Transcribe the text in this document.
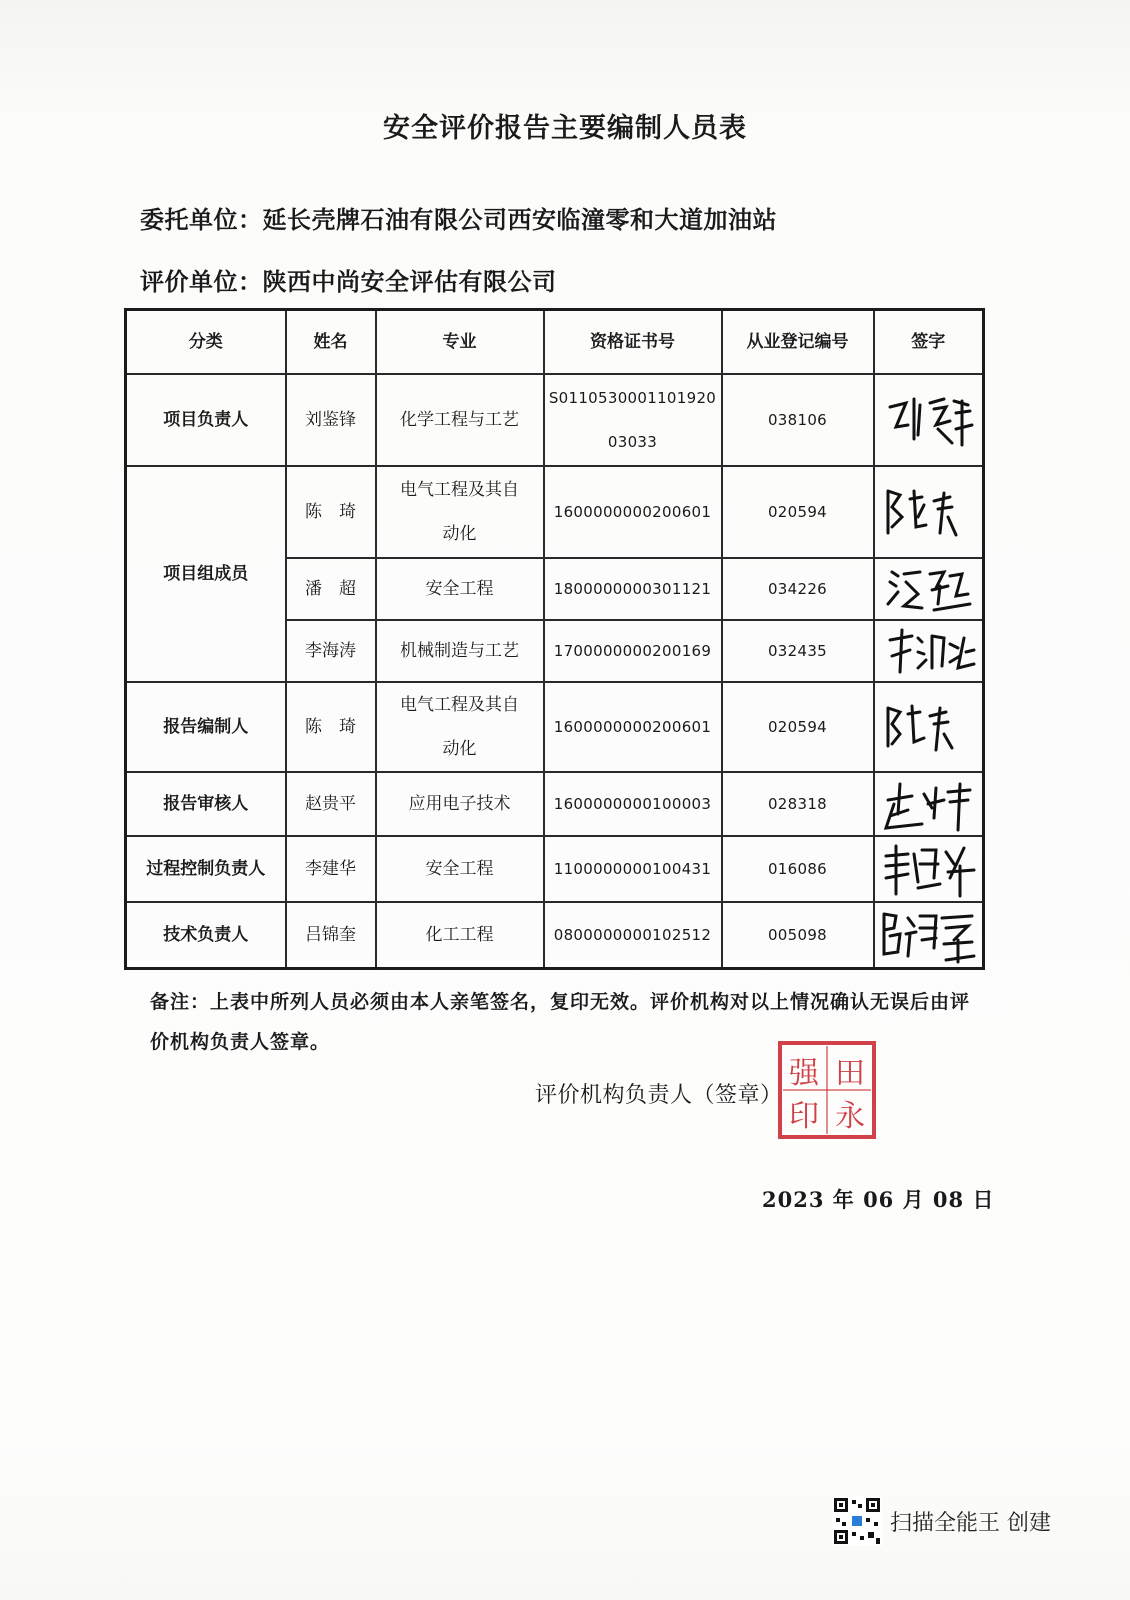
安全评价报告主要编制人员表
委托单位：延长壳牌石油有限公司西安临潼零和大道加油站
评价单位：陕西中尚安全评估有限公司
分类	姓名	专业	资格证书号	从业登记编号	签字
项目负责人	刘鉴锋	化学工程与工艺	S011053000110192003033	038106	

项目组成员	陈　琦	电气工程及其自动化	1600000000200601	020594	

	潘　超	安全工程	1800000000301121	034226	

	李海涛	机械制造与工艺	1700000000200169	032435	

报告编制人	陈　琦	电气工程及其自动化	1600000000200601	020594	

报告审核人	赵贵平	应用电子技术	1600000000100003	028318	

过程控制负责人	李建华	安全工程	1100000000100431	016086	

技术负责人	吕锦奎	化工工程	0800000000102512	005098	
备注：上表中所列人员必须由本人亲笔签名，复印无效。评价机构对以上情况确认无误后由评价机构负责人签章。
评价机构负责人（签章）
强
印
田
永
2023 年 06 月 08 日
扫描全能王 创建
